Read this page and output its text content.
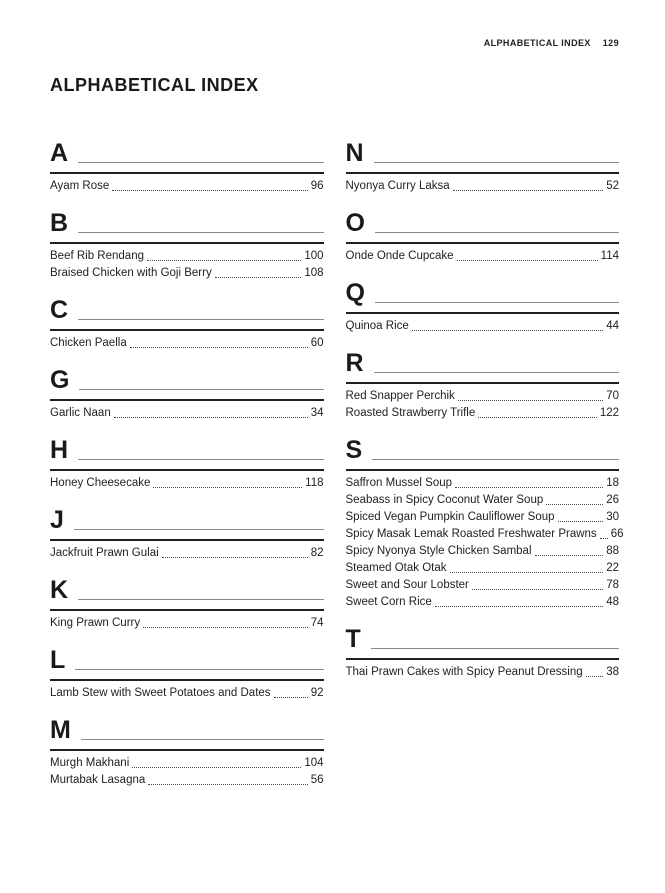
ALPHABETICAL INDEX 129
ALPHABETICAL INDEX
A
Ayam Rose	96
B
Beef Rib Rendang	100
Braised Chicken with Goji Berry	108
C
Chicken Paella	60
G
Garlic Naan	34
H
Honey Cheesecake	118
J
Jackfruit Prawn Gulai	82
K
King Prawn Curry	74
L
Lamb Stew with Sweet Potatoes and Dates	92
M
Murgh Makhani	104
Murtabak Lasagna	56
N
Nyonya Curry Laksa	52
O
Onde Onde Cupcake	114
Q
Quinoa Rice	44
R
Red Snapper Perchik	70
Roasted Strawberry Trifle	122
S
Saffron Mussel Soup	18
Seabass in Spicy Coconut Water Soup	26
Spiced Vegan Pumpkin Cauliflower Soup	30
Spicy Masak Lemak Roasted Freshwater Prawns 66
Spicy Nyonya Style Chicken Sambal	88
Steamed Otak Otak	22
Sweet and Sour Lobster	78
Sweet Corn Rice	48
T
Thai Prawn Cakes with Spicy Peanut Dressing 38
